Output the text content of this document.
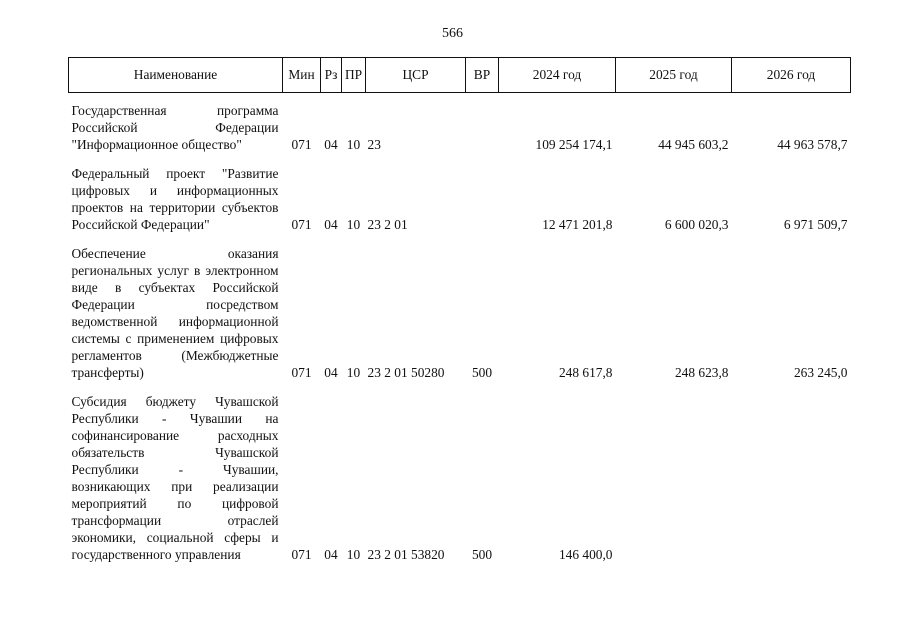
566
Наименование	Мин	Рз	ПР	ЦСР	ВР	2024 год	2025 год	2026 год

Государственная программа Российской Федерации "Информационное общество"	071	04	10	23		109 254 174,1	44 945 603,2	44 963 578,7
Федеральный проект "Развитие цифровых и информационных проектов на территории субъектов Российской Федерации"	071	04	10	23 2 01		12 471 201,8	6 600 020,3	6 971 509,7
Обеспечение оказания региональных услуг в электронном виде в субъектах Российской Федерации посредством ведомственной информационной системы с применением цифровых регламентов (Межбюджетные трансферты)	071	04	10	23 2 01 50280	500	248 617,8	248 623,8	263 245,0
Субсидия бюджету Чувашской Республики - Чувашии на софинансирование расходных обязательств Чувашской Республики - Чувашии, возникающих при реализации мероприятий по цифровой трансформации отраслей экономики, социальной сферы и государственного управления	071	04	10	23 2 01 53820	500	146 400,0		
